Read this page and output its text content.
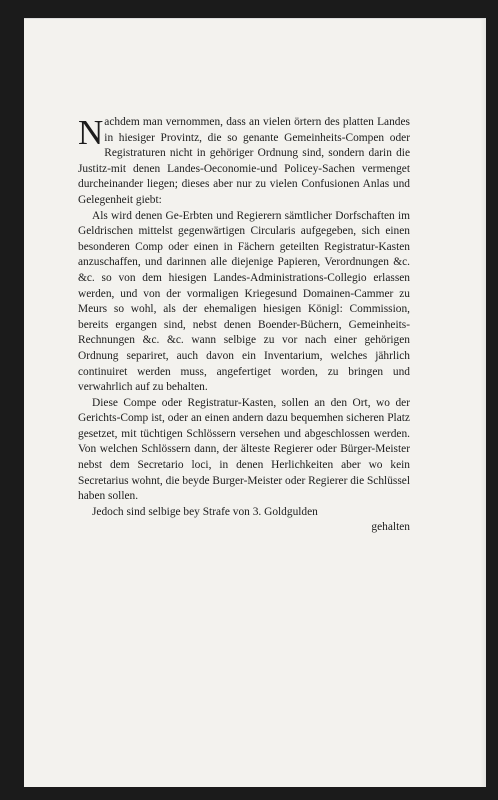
Nachdem man vernommen, dass an vielen örtern des platten Landes in hiesiger Provintz, die so genante Gemeinheits-Compen oder Registraturen nicht in gehöriger Ordnung sind, sondern darin die Justitz-mit denen Landes-Oeconomie-und Policey-Sachen vermenget durcheinander liegen; dieses aber nur zu vielen Confusionen Anlas und Gelegenheit giebt:

Als wird denen Ge-Erbten und Regierern sämtlicher Dorfschaften im Geldrischen mittelst gegenwärtigen Circularis aufgegeben, sich einen besonderen Comp oder einen in Fächern geteilten Registratur-Kasten anzuschaffen, und darinnen alle diejenige Papieren, Verordnungen &c. &c. so von dem hiesigen Landes-Administrations-Collegio erlassen werden, und von der vormaligen Kriegesund Domainen-Cammer zu Meurs so wohl, als der ehemaligen hiesigen Königl: Commission, bereits ergangen sind, nebst denen Boender-Büchern, Gemeinheits-Rechnungen &c. &c. wann selbige zu vor nach einer gehörigen Ordnung separiret, auch davon ein Inventarium, welches jährlich continuiret werden muss, angefertiget worden, zu bringen und verwahrlich auf zu behalten.

Diese Compe oder Registratur-Kasten, sollen an den Ort, wo der Gerichts-Comp ist, oder an einen andern dazu bequemhen sicheren Platz gesetzet, mit tüchtigen Schlössern versehen und abgeschlossen werden. Von welchen Schlössern dann, der älteste Regierer oder Bürger-Meister nebst dem Secretario loci, in denen Herlichkeiten aber wo kein Secretarius wohnt, die beyde Burger-Meister oder Regierer die Schlüssel haben sollen.

Jedoch sind selbige bey Strafe von 3. Goldgulden

gehalten
